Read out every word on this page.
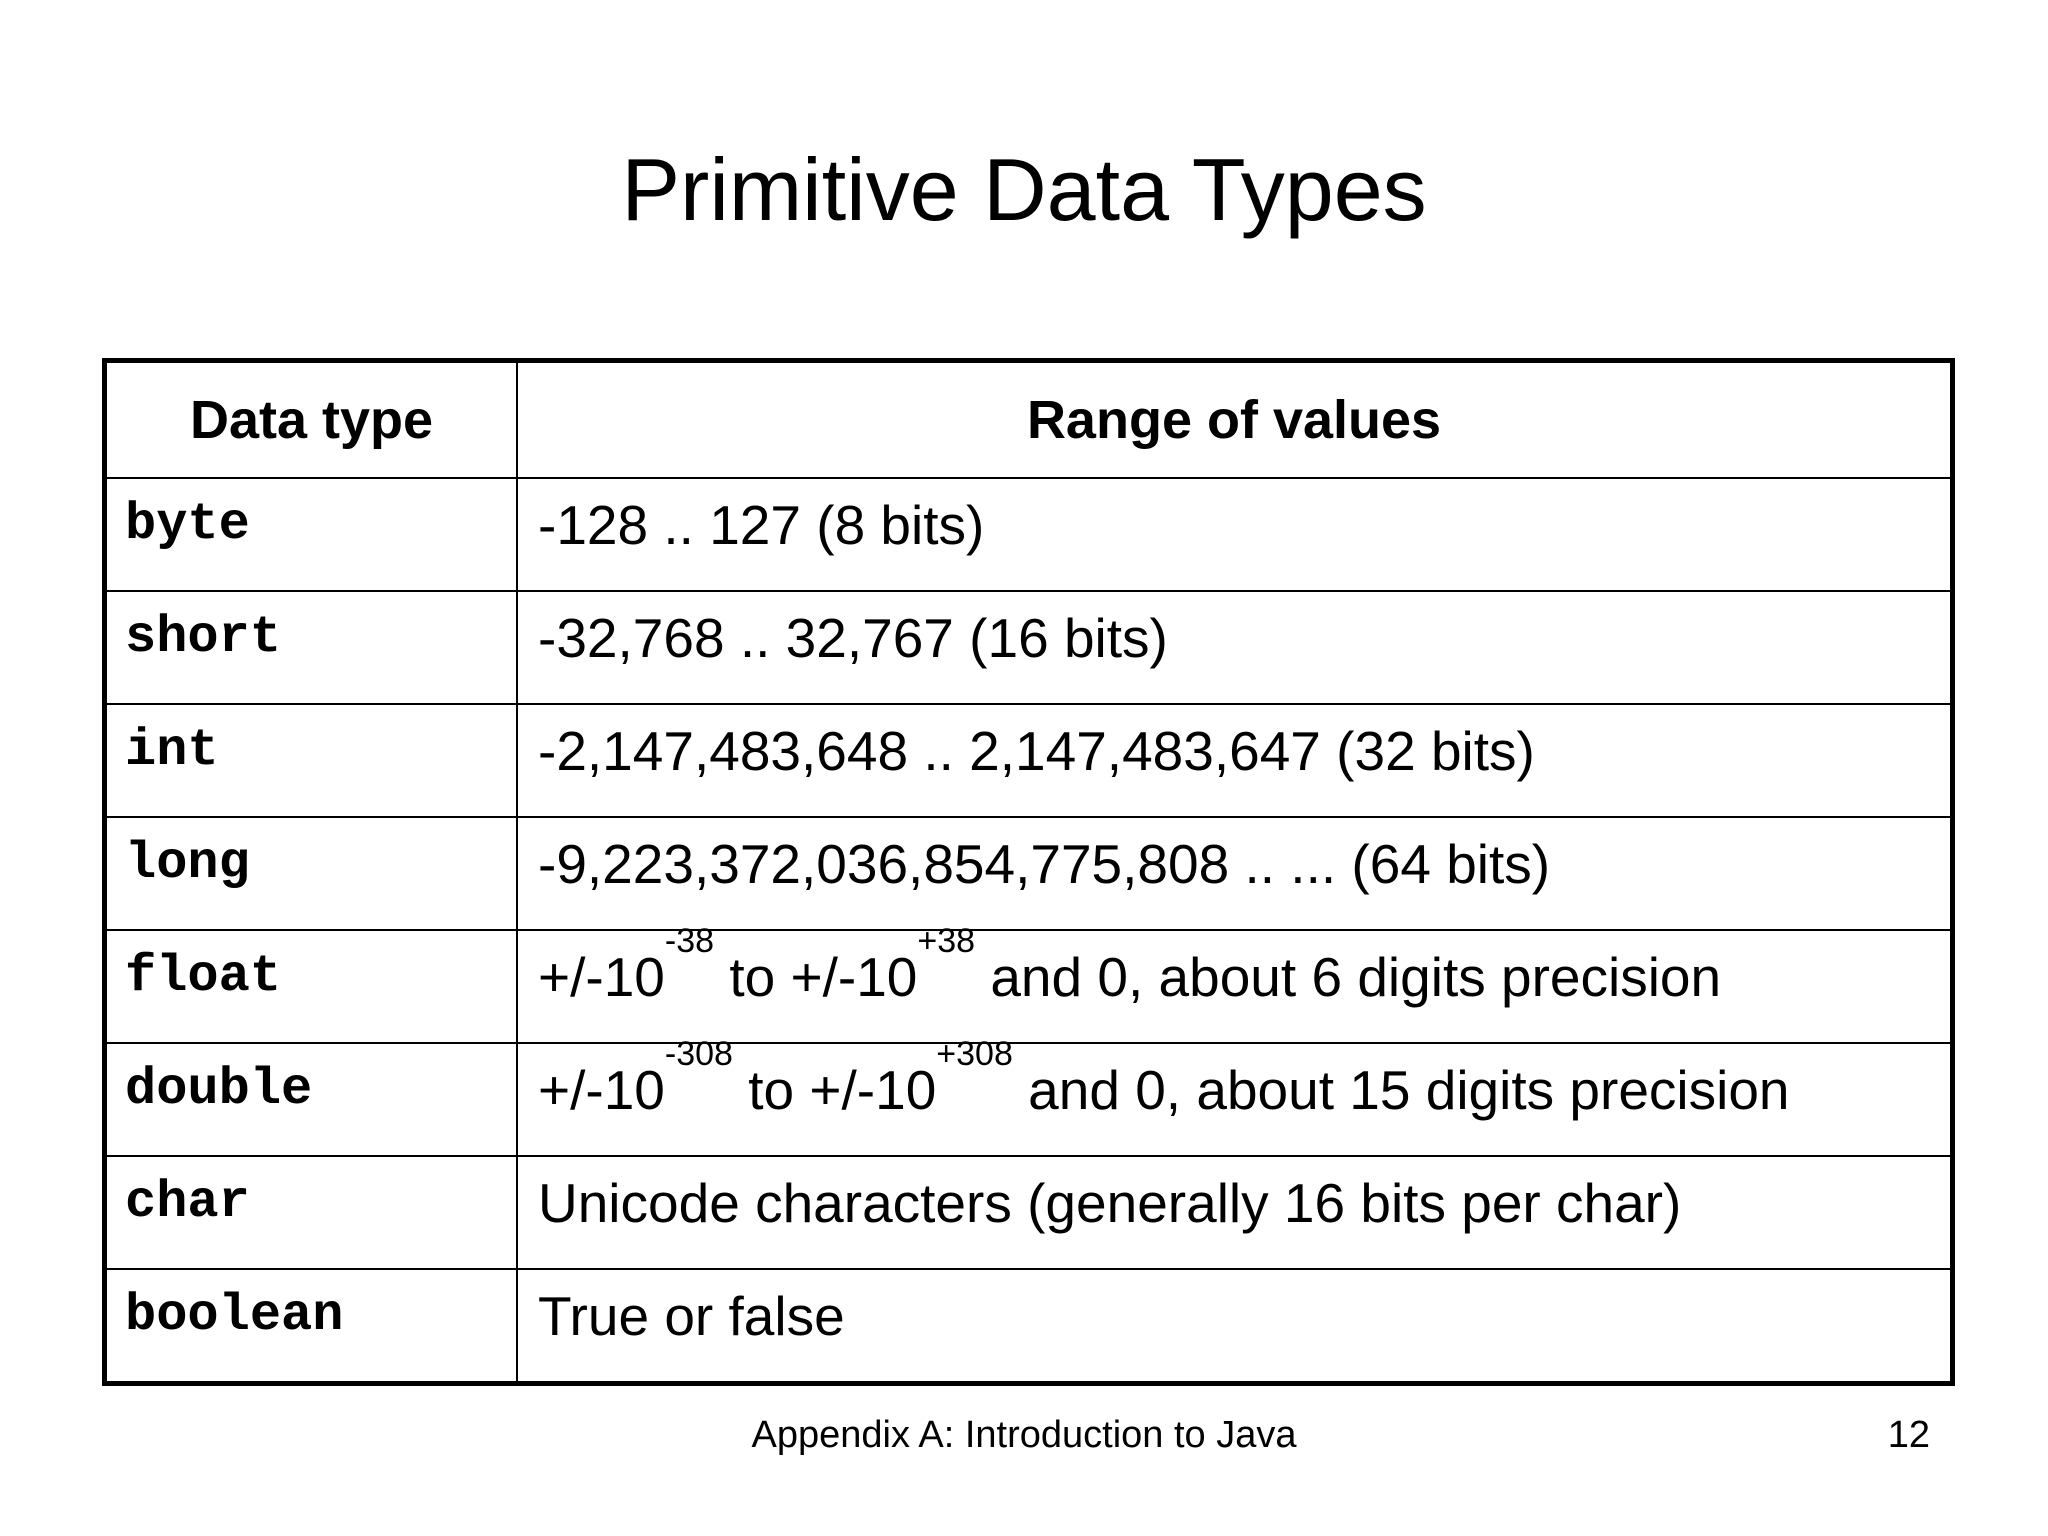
Primitive Data Types
Data type	Range of values
byte	-128 .. 127 (8 bits)
short	-32,768 .. 32,767 (16 bits)
int	-2,147,483,648 .. 2,147,483,647 (32 bits)
long	-9,223,372,036,854,775,808 .. ... (64 bits)
float	$+/-10^{-38}$ to $+/-10^{+38}$ and 0, about 6 digits precision
double	$+/-10^{-308}$ to $+/-10^{+308}$ and 0, about 15 digits precision
char	Unicode characters (generally 16 bits per char)
boolean	True or false
Appendix A: Introduction to Java	12
